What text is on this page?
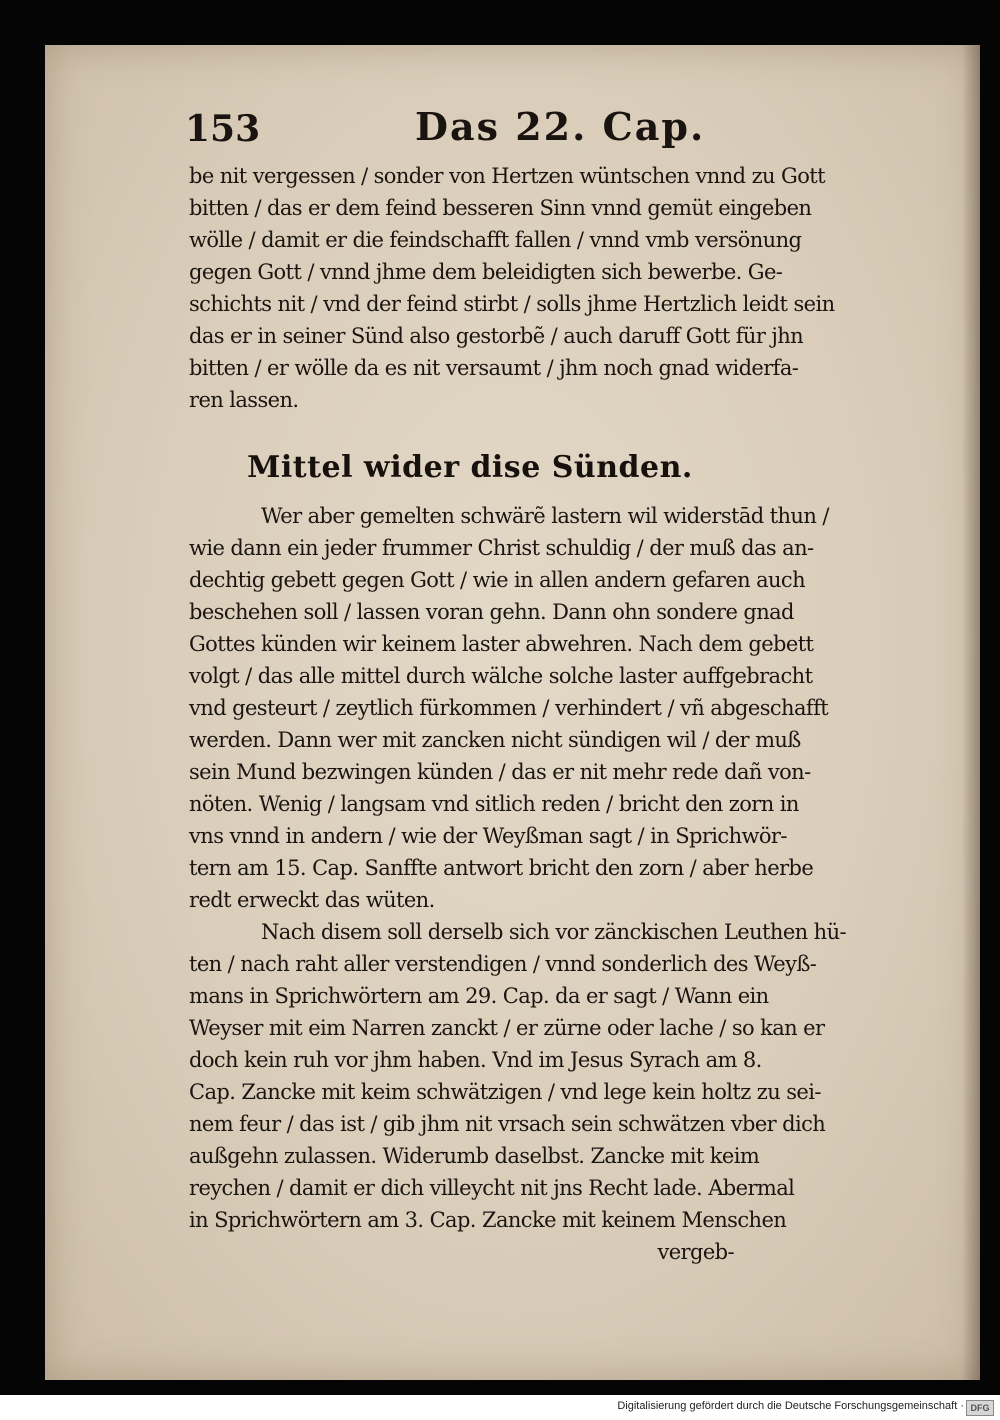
153	Das 22. Cap.
be nit vergessen / sonder von Hertzen wüntschen vnnd zu Gott
bitten / das er dem feind besseren Sinn vnnd gemüt eingeben
wölle / damit er die feindschafft fallen / vnnd vmb versönung
gegen Gott / vnnd jhme dem beleidigten sich bewerbe. Ge-
schichts nit / vnd der feind stirbt / solls jhme Hertzlich leidt sein
das er in seiner Sünd also gestorbẽ / auch daruff Gott für jhn
bitten / er wölle da es nit versaumt / jhm noch gnad widerfa-
ren lassen.
Mittel wider dise Sünden.
Wer aber gemelten schwärẽ lastern wil widerstād thun /
wie dann ein jeder frummer Christ schuldig / der muß das an-
dechtig gebett gegen Gott / wie in allen andern gefaren auch
beschehen soll / lassen voran gehn. Dann ohn sondere gnad
Gottes künden wir keinem laster abwehren. Nach dem gebett
volgt / das alle mittel durch wälche solche laster auffgebracht
vnd gesteurt / zeytlich fürkommen / verhindert / vñ abgeschafft
werden. Dann wer mit zancken nicht sündigen wil / der muß
sein Mund bezwingen künden / das er nit mehr rede dañ von-
nöten. Wenig / langsam vnd sitlich reden / bricht den zorn in
vns vnnd in andern / wie der Weyßman sagt / in Sprichwör-
tern am 15. Cap. Sanffte antwort bricht den zorn / aber herbe
redt erweckt das wüten.
Nach disem soll derselb sich vor zänckischen Leuthen hü-
ten / nach raht aller verstendigen / vnnd sonderlich des Weyß-
mans in Sprichwörtern am 29. Cap. da er sagt / Wann ein
Weyser mit eim Narren zanckt / er zürne oder lache / so kan er
doch kein ruh vor jhm haben. Vnd im Jesus Syrach am 8.
Cap. Zancke mit keim schwätzigen / vnd lege kein holtz zu sei-
nem feur / das ist / gib jhm nit vrsach sein schwätzen vber dich
außgehn zulassen. Widerumb daselbst. Zancke mit keim
reychen / damit er dich villeycht nit jns Recht lade. Abermal
in Sprichwörtern am 3. Cap. Zancke mit keinem Menschen
vergeb-
Digitalisierung gefördert durch die Deutsche Forschungsgemeinschaft · DFG
